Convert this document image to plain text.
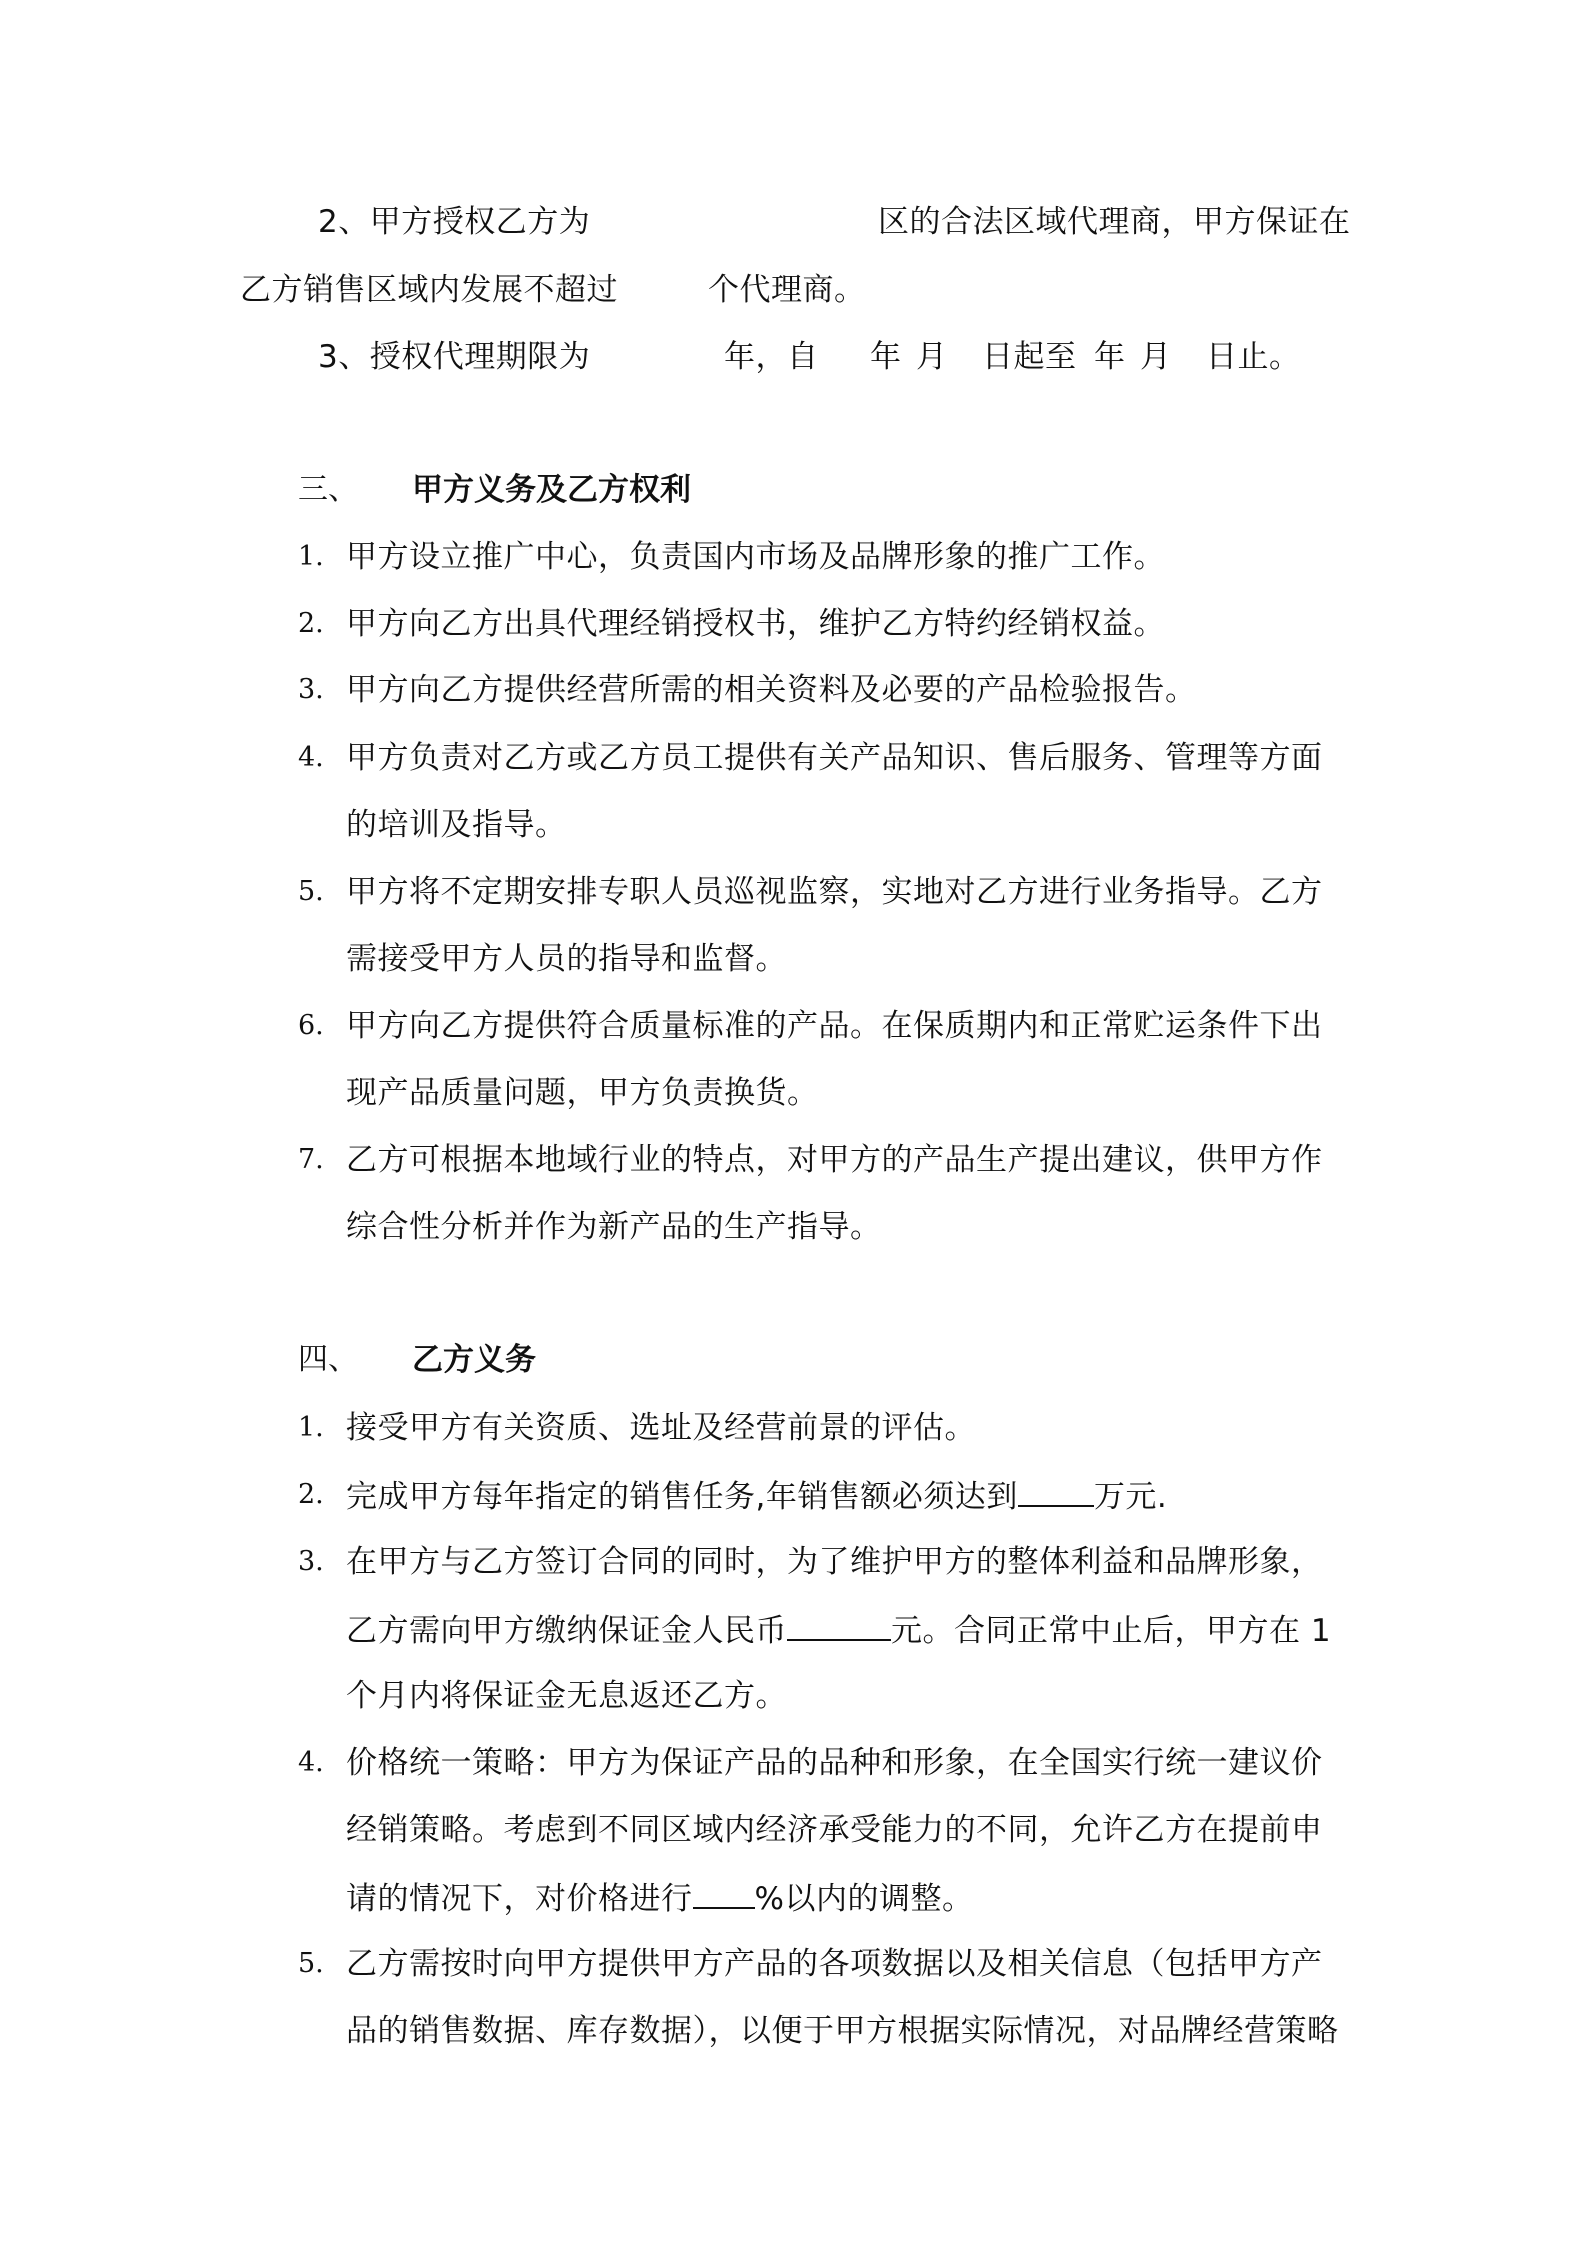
2、甲方授权乙方为	区的合法区域代理商，甲方保证在
乙方销售区域内发展不超过	个代理商。
3、授权代理期限为	年，自 年 月 日起至 年 月 日止。
三、 甲方义务及乙方权利
1. 甲方设立推广中心，负责国内市场及品牌形象的推广工作。
2. 甲方向乙方出具代理经销授权书，维护乙方特约经销权益。
3. 甲方向乙方提供经营所需的相关资料及必要的产品检验报告。
4. 甲方负责对乙方或乙方员工提供有关产品知识、售后服务、管理等方面
的培训及指导。
5. 甲方将不定期安排专职人员巡视监察，实地对乙方进行业务指导。乙方
需接受甲方人员的指导和监督。
6. 甲方向乙方提供符合质量标准的产品。在保质期内和正常贮运条件下出
现产品质量问题，甲方负责换货。
7. 乙方可根据本地域行业的特点，对甲方的产品生产提出建议，供甲方作
综合性分析并作为新产品的生产指导。
四、 乙方义务
1. 接受甲方有关资质、选址及经营前景的评估。
2. 完成甲方每年指定的销售任务,年销售额必须达到 万元.
3. 在甲方与乙方签订合同的同时，为了维护甲方的整体利益和品牌形象，
乙方需向甲方缴纳保证金人民币	元。合同正常中止后，甲方在 1
个月内将保证金无息返还乙方。
4. 价格统一策略：甲方为保证产品的品种和形象，在全国实行统一建议价
经销策略。考虑到不同区域内经济承受能力的不同，允许乙方在提前申
请的情况下，对价格进行 %以内的调整。
5. 乙方需按时向甲方提供甲方产品的各项数据以及相关信息（包括甲方产
品的销售数据、库存数据），以便于甲方根据实际情况，对品牌经营策略
